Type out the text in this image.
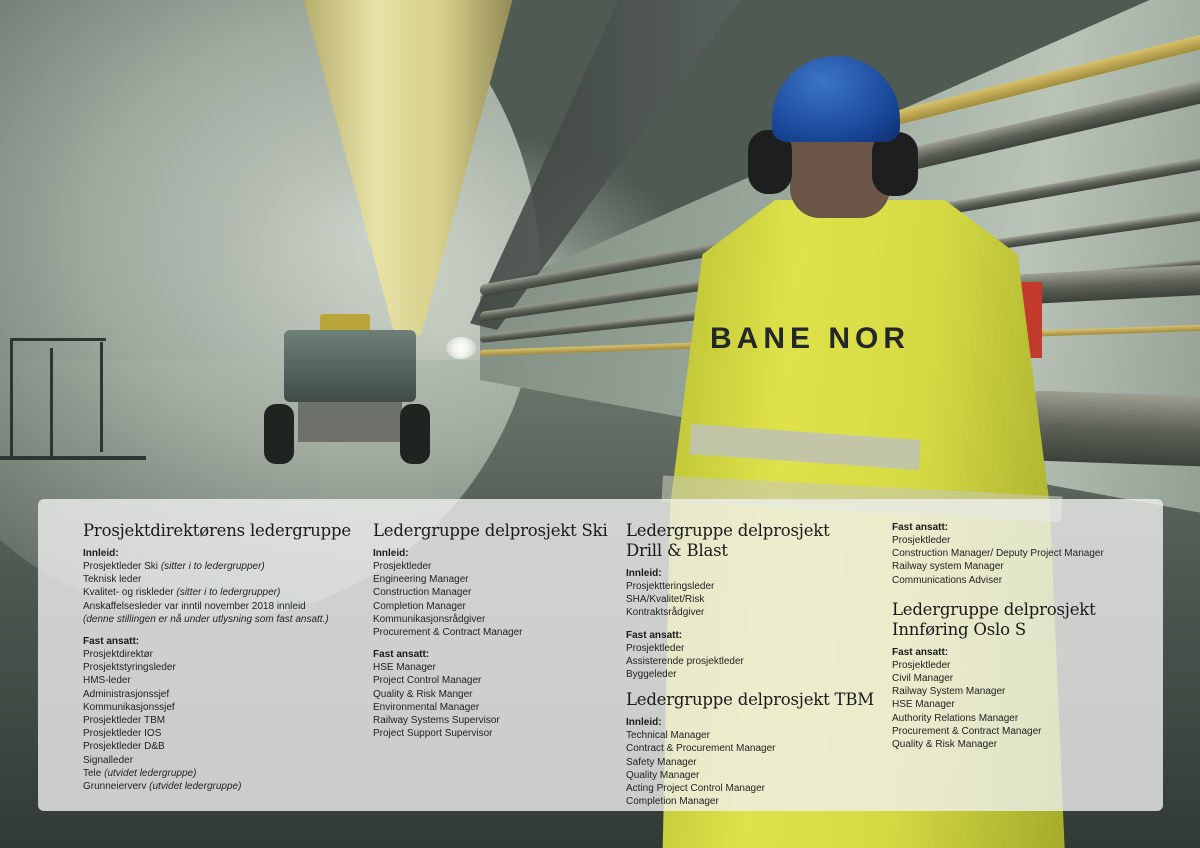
BANE NOR
Prosjektdirektørens ledergruppe
Innleid:
Prosjektleder Ski (sitter i to ledergrupper)
Teknisk leder
Kvalitet- og riskleder (sitter i to ledergrupper)
Anskaffelsesleder var inntil november 2018 innleid
(denne stillingen er nå under utlysning som fast ansatt.)
Fast ansatt:
Prosjektdirektør
Prosjektstyringsleder
HMS-leder
Administrasjonssjef
Kommunikasjonssjef
Prosjektleder TBM
Prosjektleder IOS
Prosjektleder D&B
Signalleder
Tele (utvidet ledergruppe)
Grunneierverv (utvidet ledergruppe)
Ledergruppe delprosjekt Ski
Innleid:
Prosjektleder
Engineering Manager
Construction Manager
Completion Manager
Kommunikasjonsrådgiver
Procurement & Contract Manager
Fast ansatt:
HSE Manager
Project Control Manager
Quality & Risk Manger
Environmental Manager
Railway Systems Supervisor
Project Support Supervisor
Ledergruppe delprosjekt
Drill & Blast
Innleid:
Prosjektteringsleder
SHA/Kvalitet/Risk
Kontraktsrådgiver
Fast ansatt:
Prosjektleder
Assisterende prosjektleder
Byggeleder
Ledergruppe delprosjekt TBM
Innleid:
Technical Manager
Contract & Procurement Manager
Safety Manager
Quality Manager
Acting Project Control Manager
Completion Manager
Fast ansatt:
Prosjektleder
Construction Manager/ Deputy Project Manager
Railway system Manager
Communications Adviser
Ledergruppe delprosjekt
Innføring Oslo S
Fast ansatt:
Prosjektleder
Civil Manager
Railway System Manager
HSE Manager
Authority Relations Manager
Procurement & Contract Manager
Quality & Risk Manager
